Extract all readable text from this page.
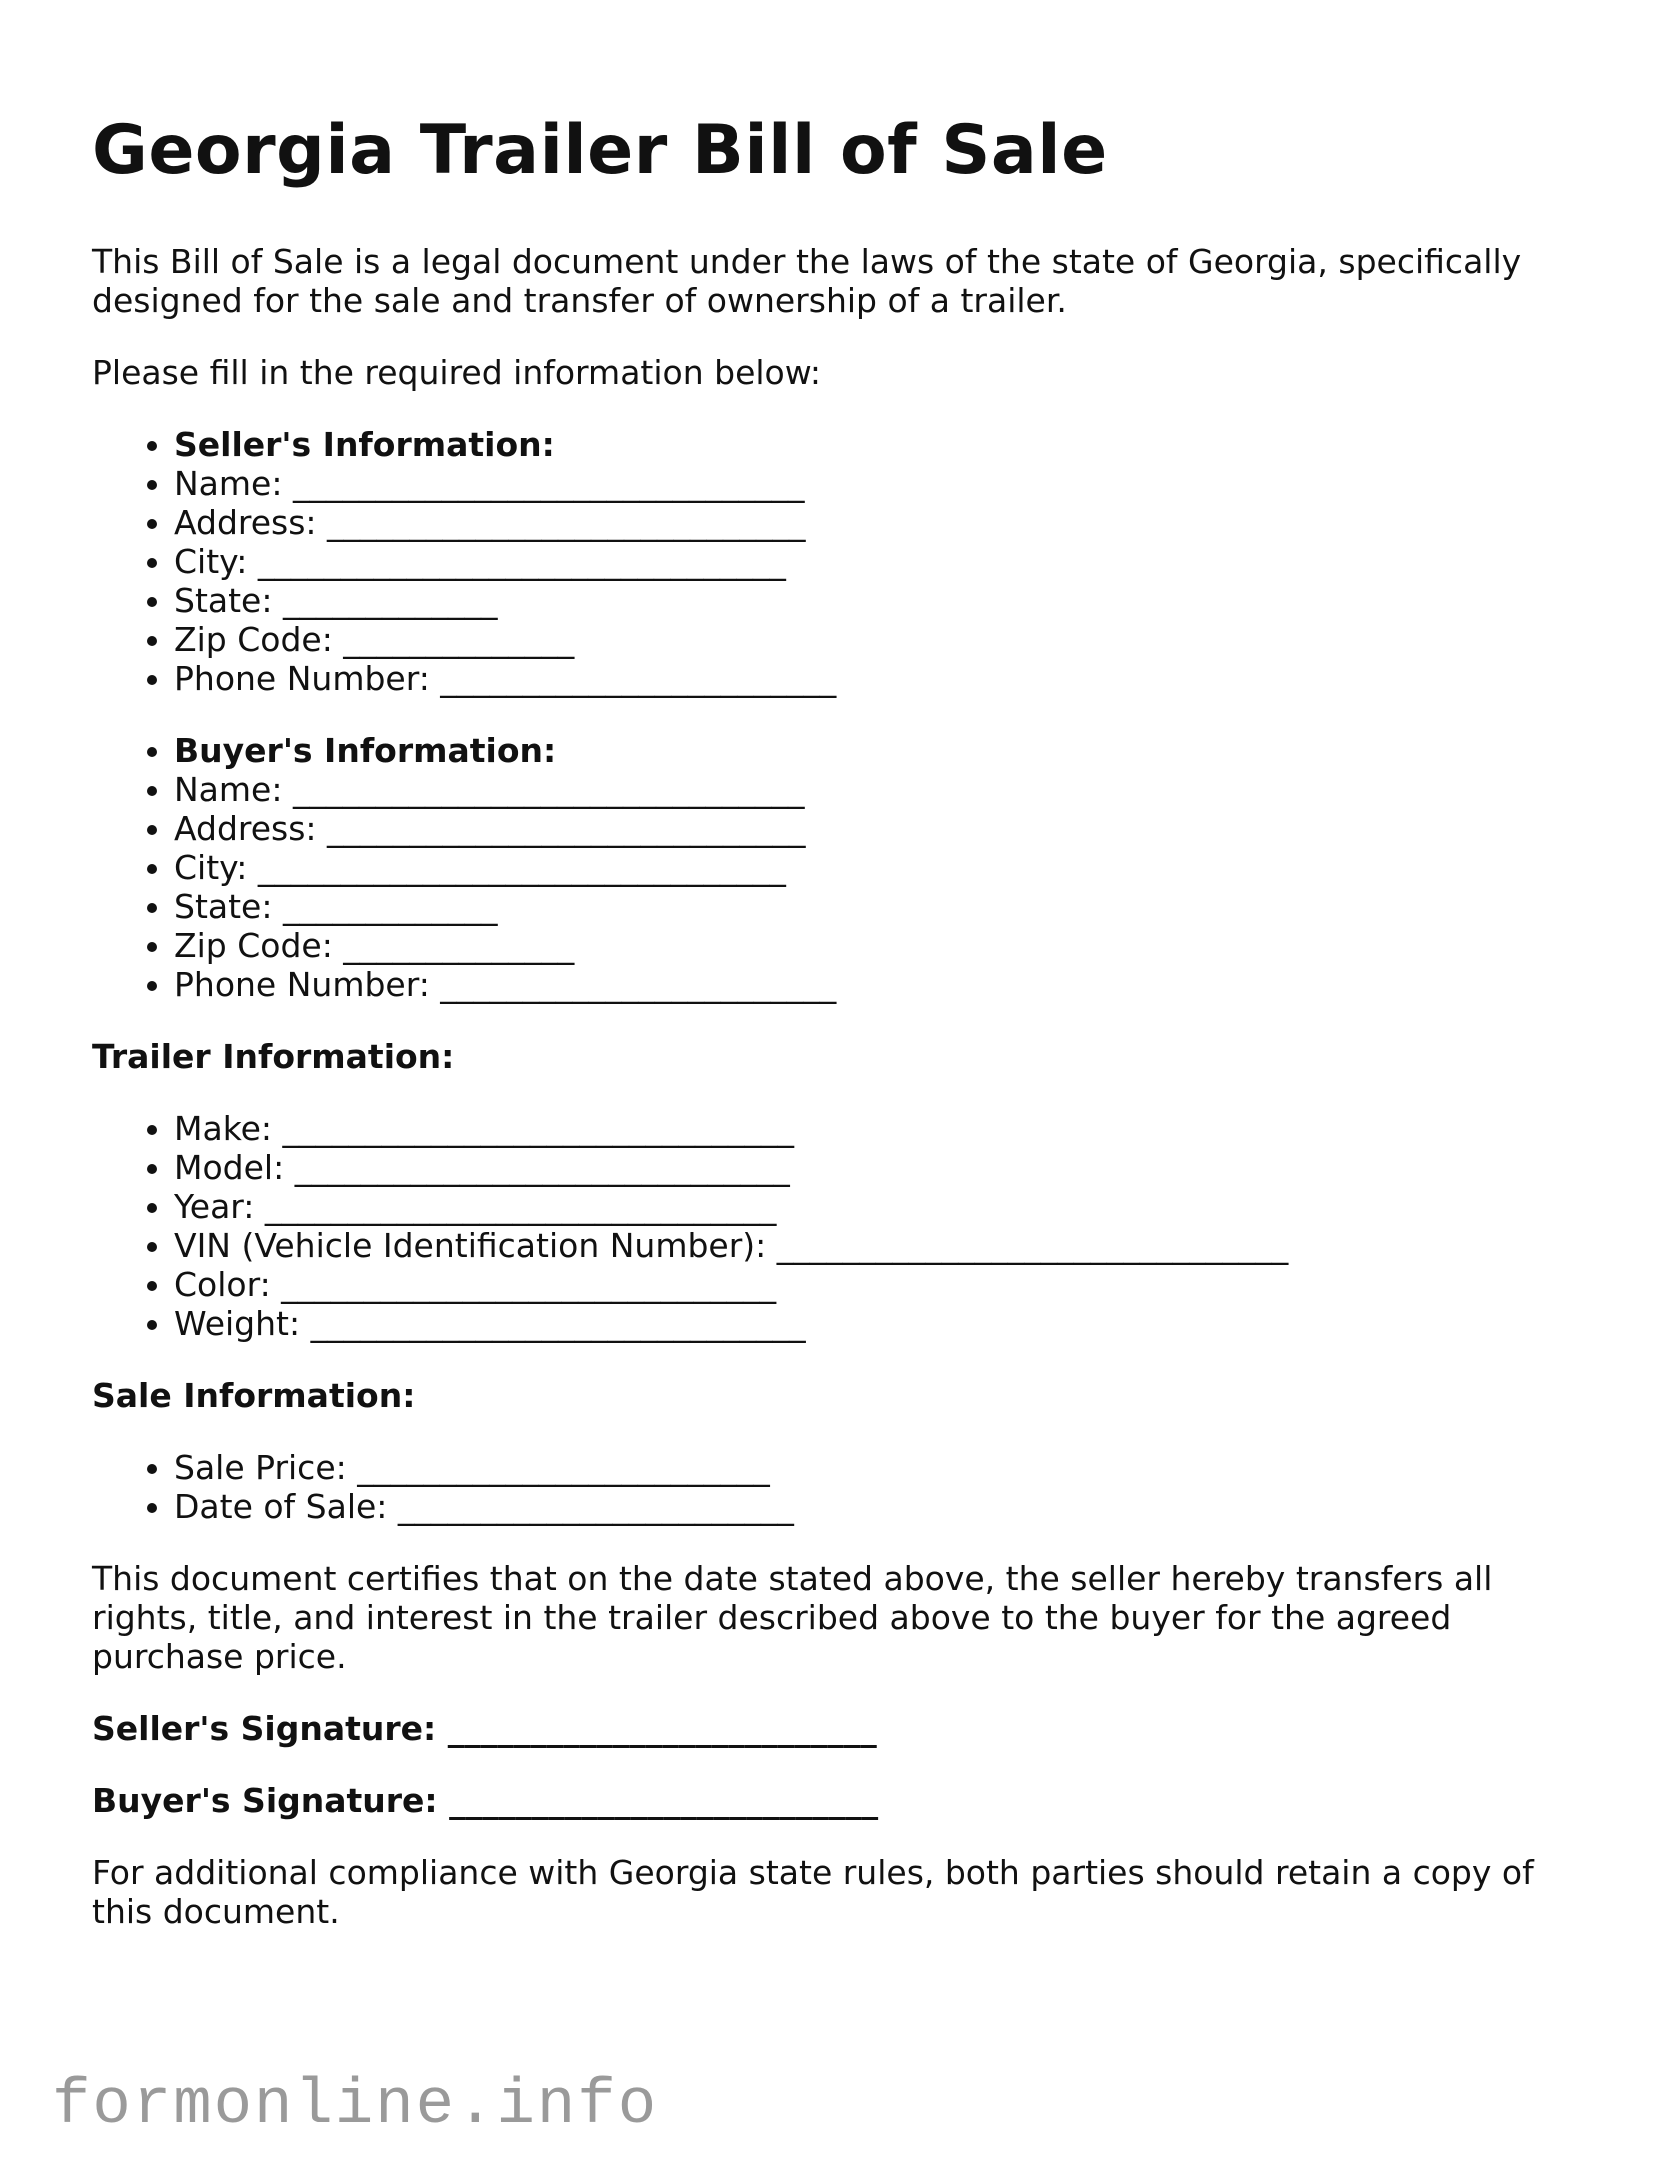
Georgia Trailer Bill of Sale

This Bill of Sale is a legal document under the laws of the state of Georgia, specifically designed for the sale and transfer of ownership of a trailer.

Please fill in the required information below:

• Seller's Information:
• Name: _______________________________
• Address: _____________________________
• City: ________________________________
• State: _____________
• Zip Code: ______________
• Phone Number: ________________________
• Buyer's Information:
• Name: _______________________________
• Address: _____________________________
• City: ________________________________
• State: _____________
• Zip Code: ______________
• Phone Number: ________________________
Trailer Information:
• Make: _______________________________
• Model: ______________________________
• Year: _______________________________
• VIN (Vehicle Identification Number): _______________________________
• Color: ______________________________
• Weight: ______________________________
Sale Information:
• Sale Price: _________________________
• Date of Sale: ________________________

This document certifies that on the date stated above, the seller hereby transfers all rights, title, and interest in the trailer described above to the buyer for the agreed purchase price.

Seller's Signature: __________________________
Buyer's Signature: __________________________

For additional compliance with Georgia state rules, both parties should retain a copy of this document.

formonline.info
